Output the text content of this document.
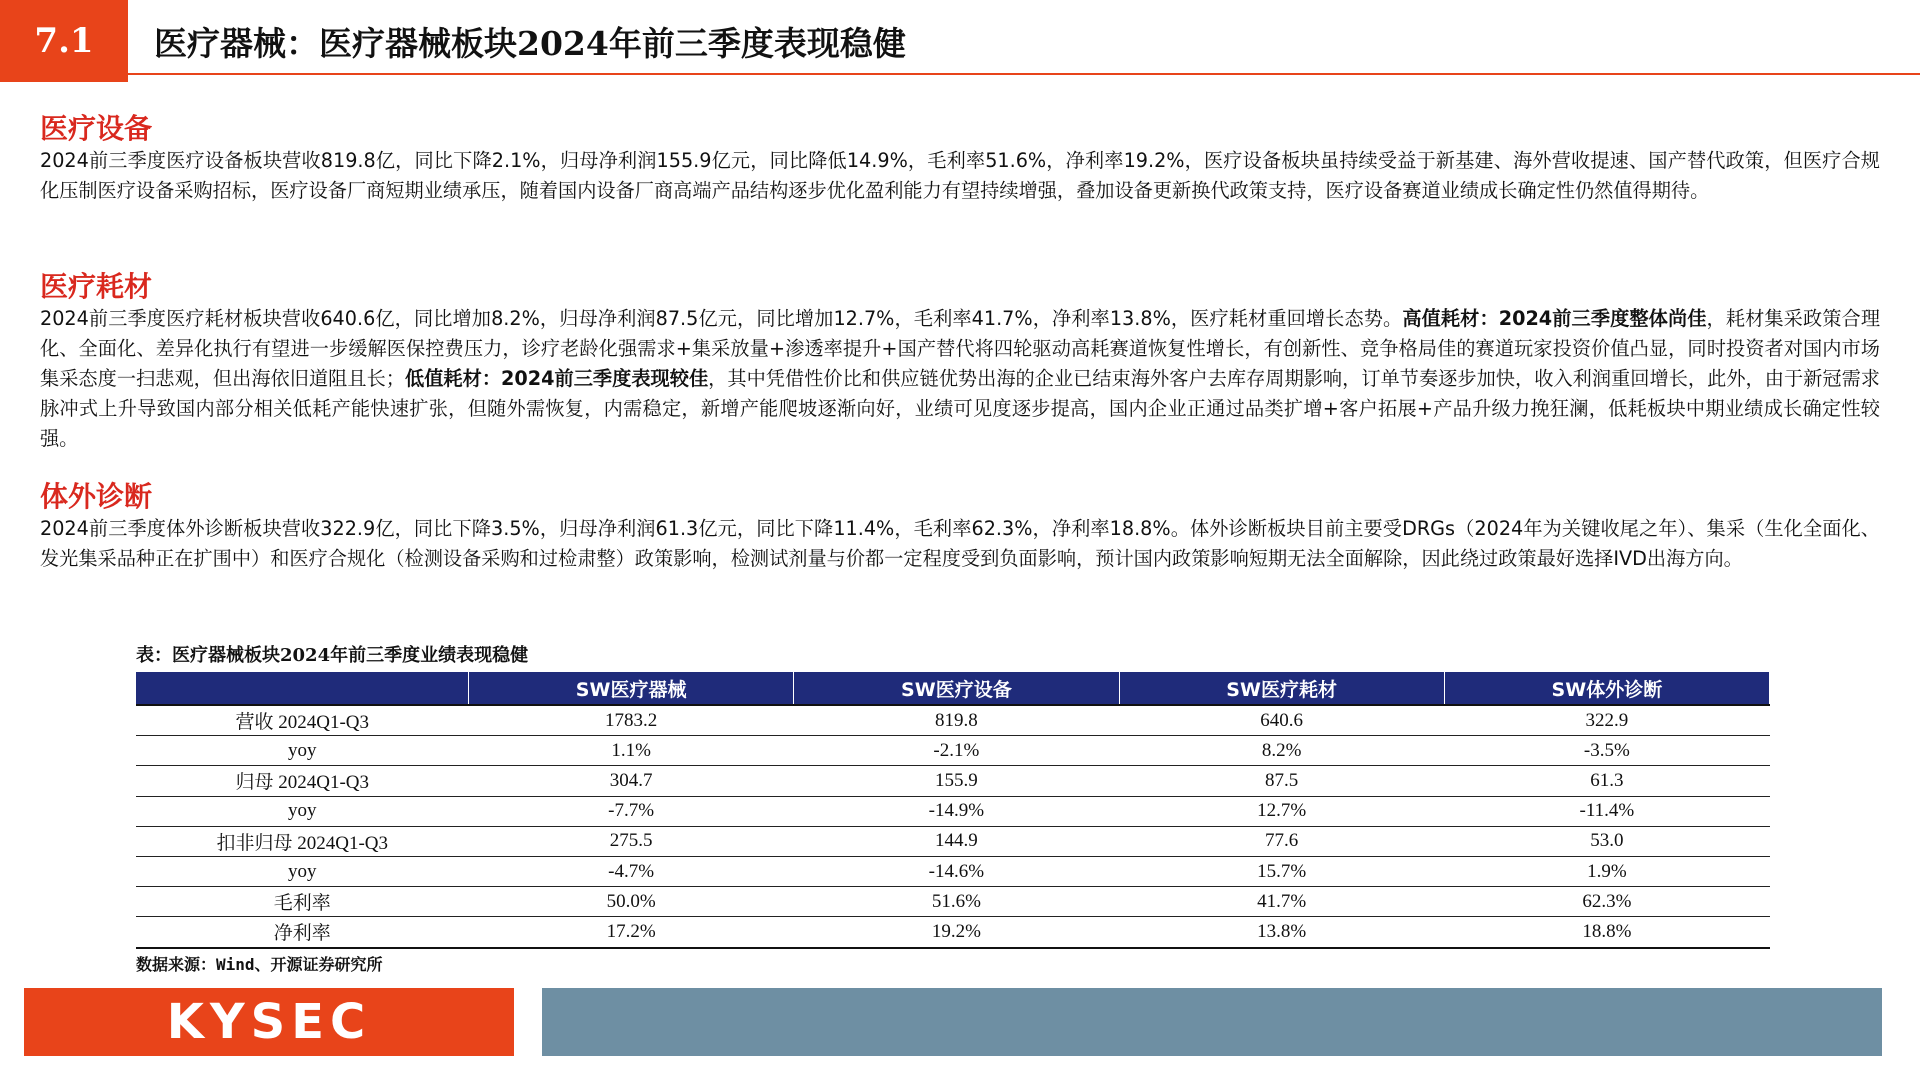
7.1	医疗器械：医疗器械板块2024年前三季度表现稳健
医疗设备

2024前三季度医疗设备板块营收819.8亿，同比下降2.1%，归母净利润155.9亿元，同比降低14.9%，毛利率51.6%，净利率19.2%，医疗设备板块虽持续受益于新基建、海外营收提速、国产替代政策，但医疗合规化压制医疗设备采购招标，医疗设备厂商短期业绩承压，随着国内设备厂商高端产品结构逐步优化盈利能力有望持续增强，叠加设备更新换代政策支持，医疗设备赛道业绩成长确定性仍然值得期待。

医疗耗材

2024前三季度医疗耗材板块营收640.6亿，同比增加8.2%，归母净利润87.5亿元，同比增加12.7%，毛利率41.7%，净利率13.8%，医疗耗材重回增长态势。高值耗材：2024前三季度整体尚佳，耗材集采政策合理化、全面化、差异化执行有望进一步缓解医保控费压力，诊疗老龄化强需求+集采放量+渗透率提升+国产替代将四轮驱动高耗赛道恢复性增长，有创新性、竞争格局佳的赛道玩家投资价值凸显，同时投资者对国内市场集采态度一扫悲观，但出海依旧道阻且长；低值耗材：2024前三季度表现较佳，其中凭借性价比和供应链优势出海的企业已结束海外客户去库存周期影响，订单节奏逐步加快，收入利润重回增长，此外，由于新冠需求脉冲式上升导致国内部分相关低耗产能快速扩张，但随外需恢复，内需稳定，新增产能爬坡逐渐向好，业绩可见度逐步提高，国内企业正通过品类扩增+客户拓展+产品升级力挽狂澜，低耗板块中期业绩成长确定性较强。

体外诊断

2024前三季度体外诊断板块营收322.9亿，同比下降3.5%，归母净利润61.3亿元，同比下降11.4%，毛利率62.3%，净利率18.8%。体外诊断板块目前主要受DRGs（2024年为关键收尾之年）、集采（生化全面化、发光集采品种正在扩围中）和医疗合规化（检测设备采购和过检肃整）政策影响，检测试剂量与价都一定程度受到负面影响，预计国内政策影响短期无法全面解除，因此绕过政策最好选择IVD出海方向。

表：医疗器械板块2024年前三季度业绩表现稳健
	SW医疗器械	SW医疗设备	SW医疗耗材	SW体外诊断
营收 2024Q1-Q3	1783.2	819.8	640.6	322.9
yoy	1.1%	-2.1%	8.2%	-3.5%
归母 2024Q1-Q3	304.7	155.9	87.5	61.3
yoy	-7.7%	-14.9%	12.7%	-11.4%
扣非归母 2024Q1-Q3	275.5	144.9	77.6	53.0
yoy	-4.7%	-14.6%	15.7%	1.9%
毛利率	50.0%	51.6%	41.7%	62.3%
净利率	17.2%	19.2%	13.8%	18.8%
数据来源：Wind、开源证券研究所
KYSEC
